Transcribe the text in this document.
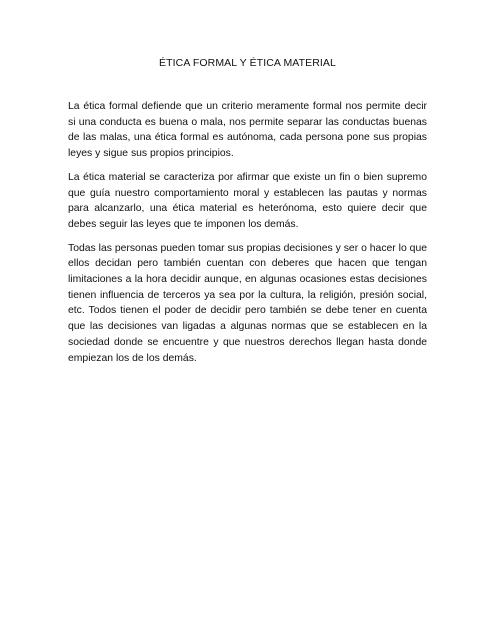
ÉTICA FORMAL Y ÉTICA MATERIAL

La ética formal defiende que un criterio meramente formal nos permite decir si una conducta es buena o mala, nos permite separar las conductas buenas de las malas, una ética formal es autónoma, cada persona pone sus propias leyes y sigue sus propios principios.

La ética material se caracteriza por afirmar que existe un fin o bien supremo que guía nuestro comportamiento moral y establecen las pautas y normas para alcanzarlo, una ética material es heterónoma, esto quiere decir que debes seguir las leyes que te imponen los demás.

Todas las personas pueden tomar sus propias decisiones y ser o hacer lo que ellos decidan pero también cuentan con deberes que hacen que tengan limitaciones a la hora decidir aunque, en algunas ocasiones estas decisiones tienen influencia de terceros ya sea por la cultura, la religión, presión social, etc. Todos tienen el poder de decidir pero también se debe tener en cuenta que las decisiones van ligadas a algunas normas que se establecen en la sociedad donde se encuentre y que nuestros derechos llegan hasta donde empiezan los de los demás.
